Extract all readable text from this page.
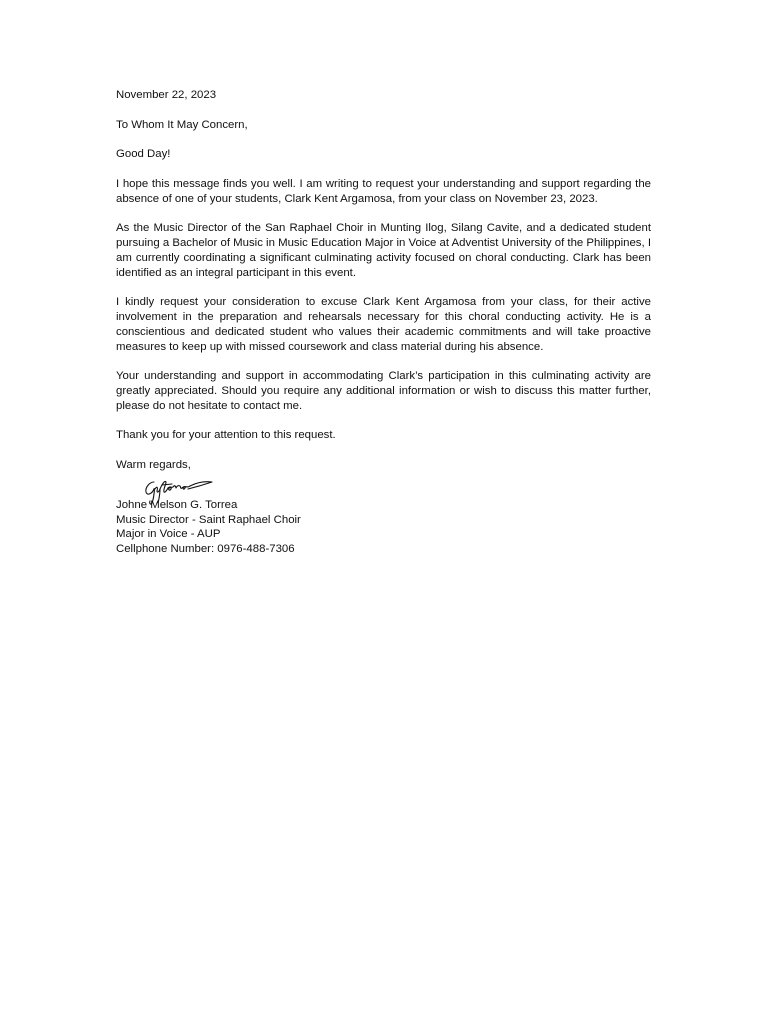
November 22, 2023

To Whom It May Concern,

Good Day!

I hope this message finds you well. I am writing to request your understanding and support regarding the absence of one of your students, Clark Kent Argamosa, from your class on November 23, 2023.

As the Music Director of the San Raphael Choir in Munting Ilog, Silang Cavite, and a dedicated student pursuing a Bachelor of Music in Music Education Major in Voice at Adventist University of the Philippines, I am currently coordinating a significant culminating activity focused on choral conducting. Clark has been identified as an integral participant in this event.

I kindly request your consideration to excuse Clark Kent Argamosa from your class, for their active involvement in the preparation and rehearsals necessary for this choral conducting activity. He is a conscientious and dedicated student who values their academic commitments and will take proactive measures to keep up with missed coursework and class material during his absence.

Your understanding and support in accommodating Clark’s participation in this culminating activity are greatly appreciated. Should you require any additional information or wish to discuss this matter further, please do not hesitate to contact me.

Thank you for your attention to this request.

Warm regards,

Johne Melson G. Torrea

Music Director - Saint Raphael Choir

Major in Voice - AUP

Cellphone Number: 0976-488-7306
